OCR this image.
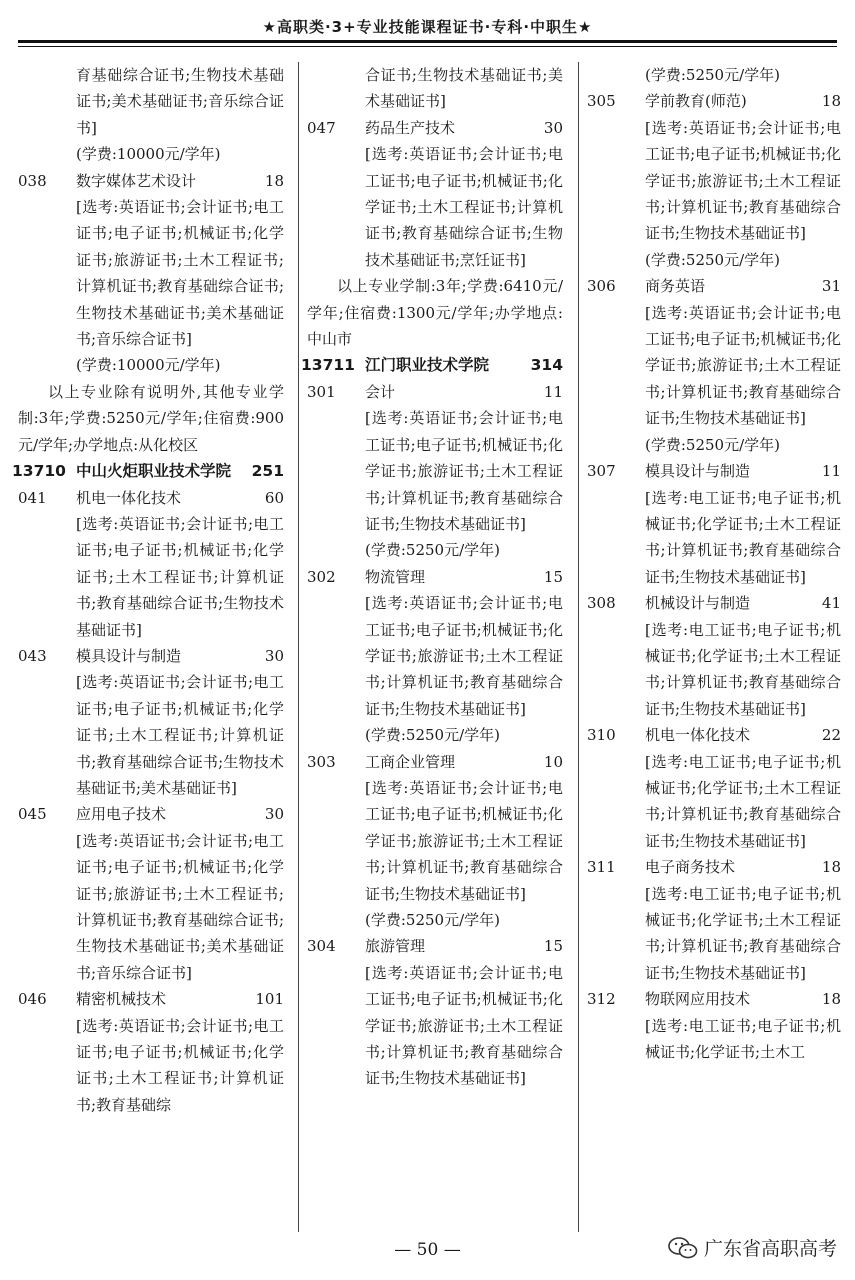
★高职类·3+专业技能课程证书·专科·中职生★
育基础综合证书;生物技术基础证书;美术基础证书;音乐综合证书]
(学费:10000元/学年)
038	数字媒体艺术设计	18
[选考:英语证书;会计证书;电工证书;电子证书;机械证书;化学证书;旅游证书;土木工程证书;计算机证书;教育基础综合证书;生物技术基础证书;美术基础证书;音乐综合证书]
(学费:10000元/学年)
以上专业除有说明外,其他专业学制:3年;学费:5250元/学年;住宿费:900元/学年;办学地点:从化校区
13710 中山火炬职业技术学院	251
041	机电一体化技术	60
[选考:英语证书;会计证书;电工证书;电子证书;机械证书;化学证书;土木工程证书;计算机证书;教育基础综合证书;生物技术基础证书]
043	模具设计与制造	30
[选考:英语证书;会计证书;电工证书;电子证书;机械证书;化学证书;土木工程证书;计算机证书;教育基础综合证书;生物技术基础证书;美术基础证书]
045	应用电子技术	30
[选考:英语证书;会计证书;电工证书;电子证书;机械证书;化学证书;旅游证书;土木工程证书;计算机证书;教育基础综合证书;生物技术基础证书;美术基础证书;音乐综合证书]
046	精密机械技术	101
[选考:英语证书;会计证书;电工证书;电子证书;机械证书;化学证书;土木工程证书;计算机证书;教育基础综
合证书;生物技术基础证书;美术基础证书]
047	药品生产技术	30
[选考:英语证书;会计证书;电工证书;电子证书;机械证书;化学证书;土木工程证书;计算机证书;教育基础综合证书;生物技术基础证书;烹饪证书]
以上专业学制:3年;学费:6410元/学年;住宿费:1300元/学年;办学地点:中山市
13711 江门职业技术学院	314
301	会计	11
[选考:英语证书;会计证书;电工证书;电子证书;机械证书;化学证书;旅游证书;土木工程证书;计算机证书;教育基础综合证书;生物技术基础证书]
(学费:5250元/学年)
302	物流管理	15
[选考:英语证书;会计证书;电工证书;电子证书;机械证书;化学证书;旅游证书;土木工程证书;计算机证书;教育基础综合证书;生物技术基础证书]
(学费:5250元/学年)
303	工商企业管理	10
[选考:英语证书;会计证书;电工证书;电子证书;机械证书;化学证书;旅游证书;土木工程证书;计算机证书;教育基础综合证书;生物技术基础证书]
(学费:5250元/学年)
304	旅游管理	15
[选考:英语证书;会计证书;电工证书;电子证书;机械证书;化学证书;旅游证书;土木工程证书;计算机证书;教育基础综合证书;生物技术基础证书]
(学费:5250元/学年)
305	学前教育(师范)	18
[选考:英语证书;会计证书;电工证书;电子证书;机械证书;化学证书;旅游证书;土木工程证书;计算机证书;教育基础综合证书;生物技术基础证书]
(学费:5250元/学年)
306	商务英语	31
[选考:英语证书;会计证书;电工证书;电子证书;机械证书;化学证书;旅游证书;土木工程证书;计算机证书;教育基础综合证书;生物技术基础证书]
(学费:5250元/学年)
307	模具设计与制造	11
[选考:电工证书;电子证书;机械证书;化学证书;土木工程证书;计算机证书;教育基础综合证书;生物技术基础证书]
308	机械设计与制造	41
[选考:电工证书;电子证书;机械证书;化学证书;土木工程证书;计算机证书;教育基础综合证书;生物技术基础证书]
310	机电一体化技术	22
[选考:电工证书;电子证书;机械证书;化学证书;土木工程证书;计算机证书;教育基础综合证书;生物技术基础证书]
311	电子商务技术	18
[选考:电工证书;电子证书;机械证书;化学证书;土木工程证书;计算机证书;教育基础综合证书;生物技术基础证书]
312	物联网应用技术	18
[选考:电工证书;电子证书;机械证书;化学证书;土木工
— 50 —	广东省高职高考
